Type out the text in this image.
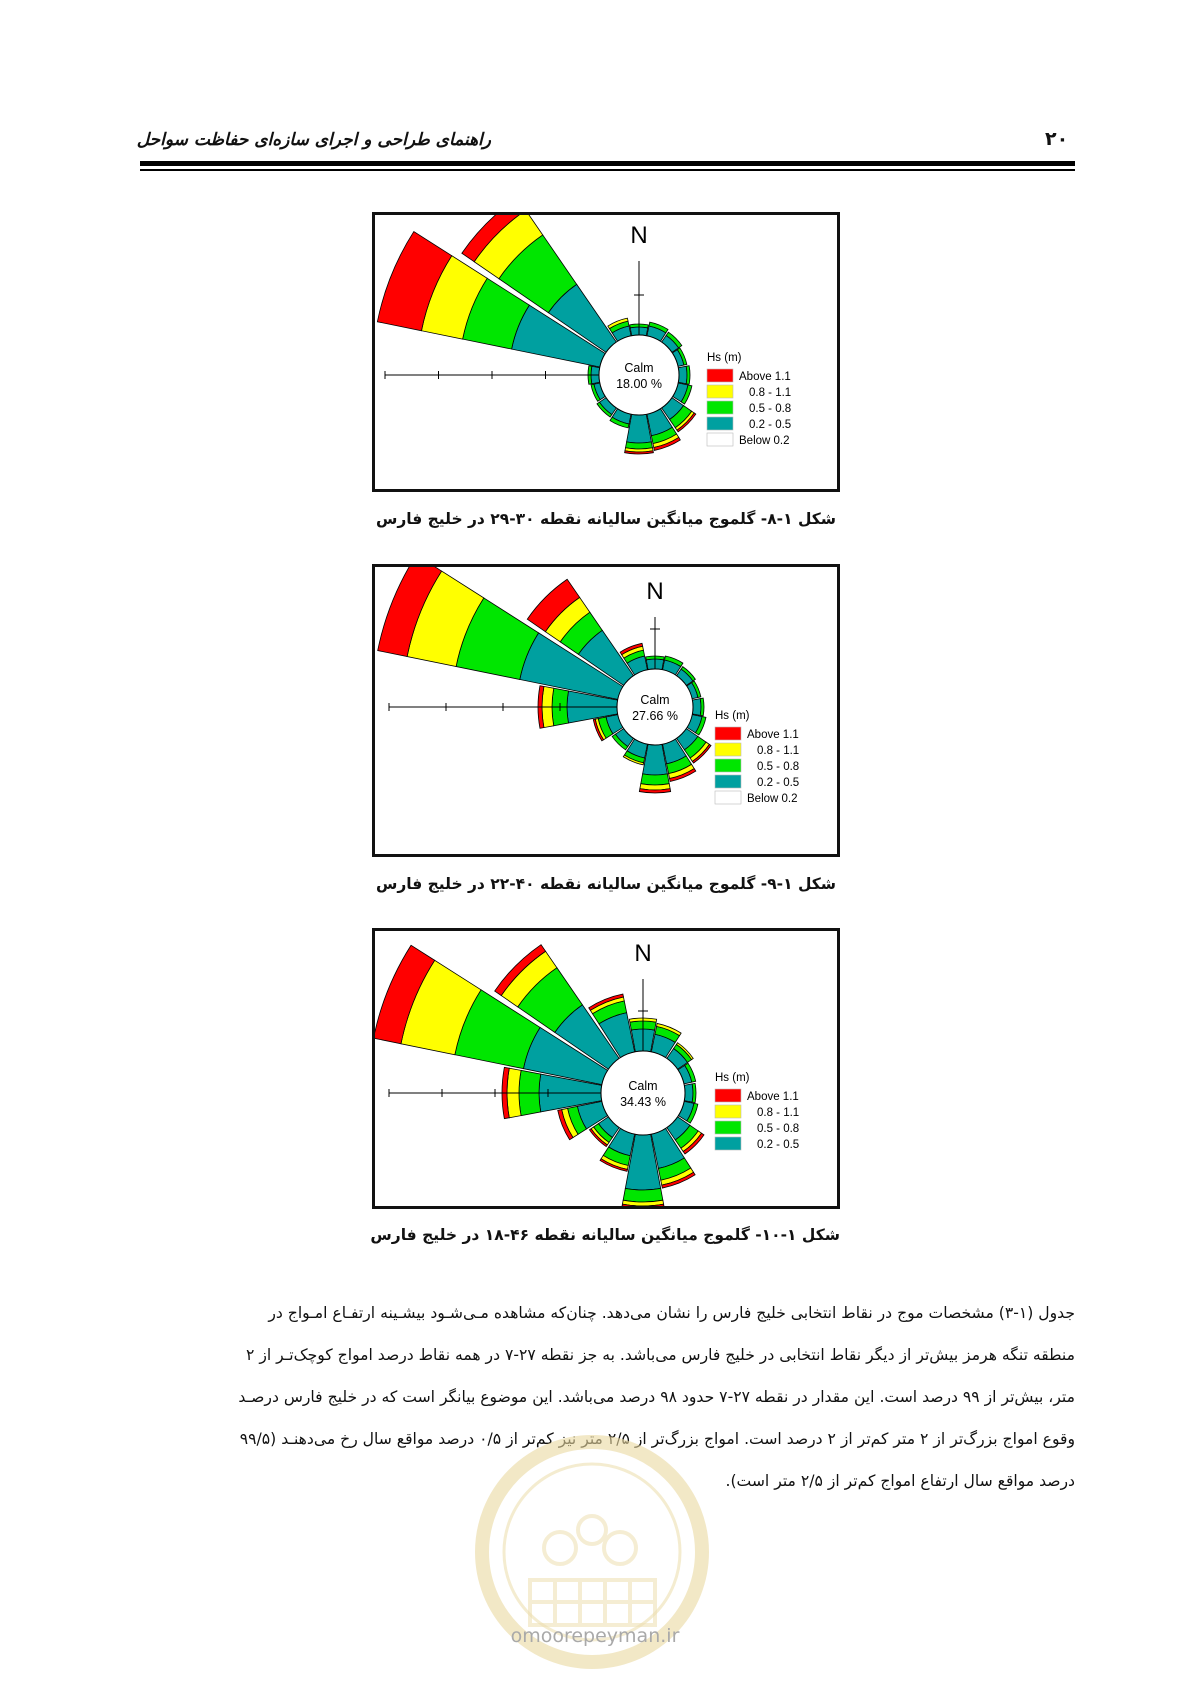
راهنمای طراحی و اجرای سازه‌ای حفاظت سواحل	۲۰
Calm
18.00 %
N
Hs (m)
Above 1.1
0.8 - 1.1
0.5 - 0.8
0.2 - 0.5
Below 0.2
شکل ۱-۸- گلموج میانگین سالیانه نقطه ۳۰-۲۹ در خلیج فارس
Calm
27.66 %
N
Hs (m)
Above 1.1
0.8 - 1.1
0.5 - 0.8
0.2 - 0.5
Below 0.2
شکل ۱-۹- گلموج میانگین سالیانه نقطه ۴۰-۲۲ در خلیج فارس
Calm
34.43 %
N
Hs (m)
Above 1.1
0.8 - 1.1
0.5 - 0.8
0.2 - 0.5
شکل ۱-۱۰- گلموج میانگین سالیانه نقطه ۴۶-۱۸ در خلیج فارس
جدول (۱-۳) مشخصات موج در نقاط انتخابی خلیج فارس را نشان می‌دهد. چنان‌که مشاهده مـی‌شـود بیشـینه ارتفـاع امـواج در
منطقه تنگه هرمز بیش‌تر از دیگر نقاط انتخابی در خلیج فارس می‌باشد. به جز نقطه ۲۷-۷ در همه نقاط درصد امواج کوچک‌تـر از ۲
متر، بیش‌تر از ۹۹ درصد است. این مقدار در نقطه ۲۷-۷ حدود ۹۸ درصد می‌باشد. این موضوع بیانگر است که در خلیج فارس درصـد
وقوع امواج بزرگ‌تر از ۲ متر کم‌تر از ۲ درصد است. امواج بزرگ‌تر از ۲/۵ متر نیز کم‌تر از ۰/۵ درصد مواقع سال رخ می‌دهنـد (۹۹/۵
درصد مواقع سال ارتفاع امواج کم‌تر از ۲/۵ متر است).
omoorepeyman.ir
